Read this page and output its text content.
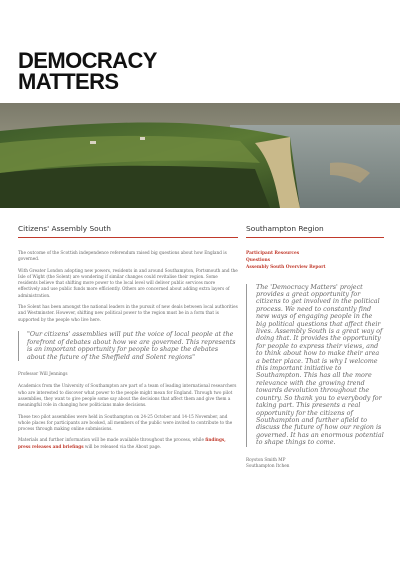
DEMOCRACY
MATTERS
Citizens' Assembly South

The outcome of the Scottish independence referendum raised big questions about how England is governed.

With Greater London adopting new powers, residents in and around Southampton, Portsmouth and the Isle of Wight (the Solent) are wondering if similar changes could revitalise their region. Some residents believe that shifting more power to the local level will deliver public services more effectively and use public funds more efficiently. Others are concerned about adding extra layers of administration.

The Solent has been amongst the national leaders in the pursuit of new deals between local authorities and Westminster. However, shifting new political power to the region must be in a form that is supported by the people who live here.

"Our citizens' assemblies will put the voice of local people at the forefront of debates about how we are governed. This represents is an important opportunity for people to shape the debates about the future of the Sheffield and Solent regions"
Professor Will Jennings

Academics from the University of Southampton are part of a team of leading international researchers who are interested to discover what power to the people might mean for England. Through two pilot assemblies, they want to give people some say about the decisions that affect them and give them a meaningful role in changing how politicians make decisions.

These two pilot assemblies were held in Southampton on 24-25 October and 14-15 November, and whole places for participants are booked, all members of the public were invited to contribute to the process through making online submissions.

Materials and further information will be made available throughout the process, while findings, press releases and briefings will be released via the About page.

Southampton Region
Participant Resources
Questions
Assembly South Overview Report
The 'Democracy Matters' project provides a great opportunity for citizens to get involved in the political process. We need to constantly find new ways of engaging people in the big political questions that affect their lives. Assembly South is a great way of doing that. It provides the opportunity for people to express their views, and to think about how to make their area a better place. That is why I welcome this important initiative to Southampton. This has all the more relevance with the growing trend towards devolution throughout the country. So thank you to everybody for taking part. This presents a real opportunity for the citizens of Southampton and further afield to discuss the future of how our region is governed. It has an enormous potential to shape things to come.

Royston Smith MP

Southampton Itchen
